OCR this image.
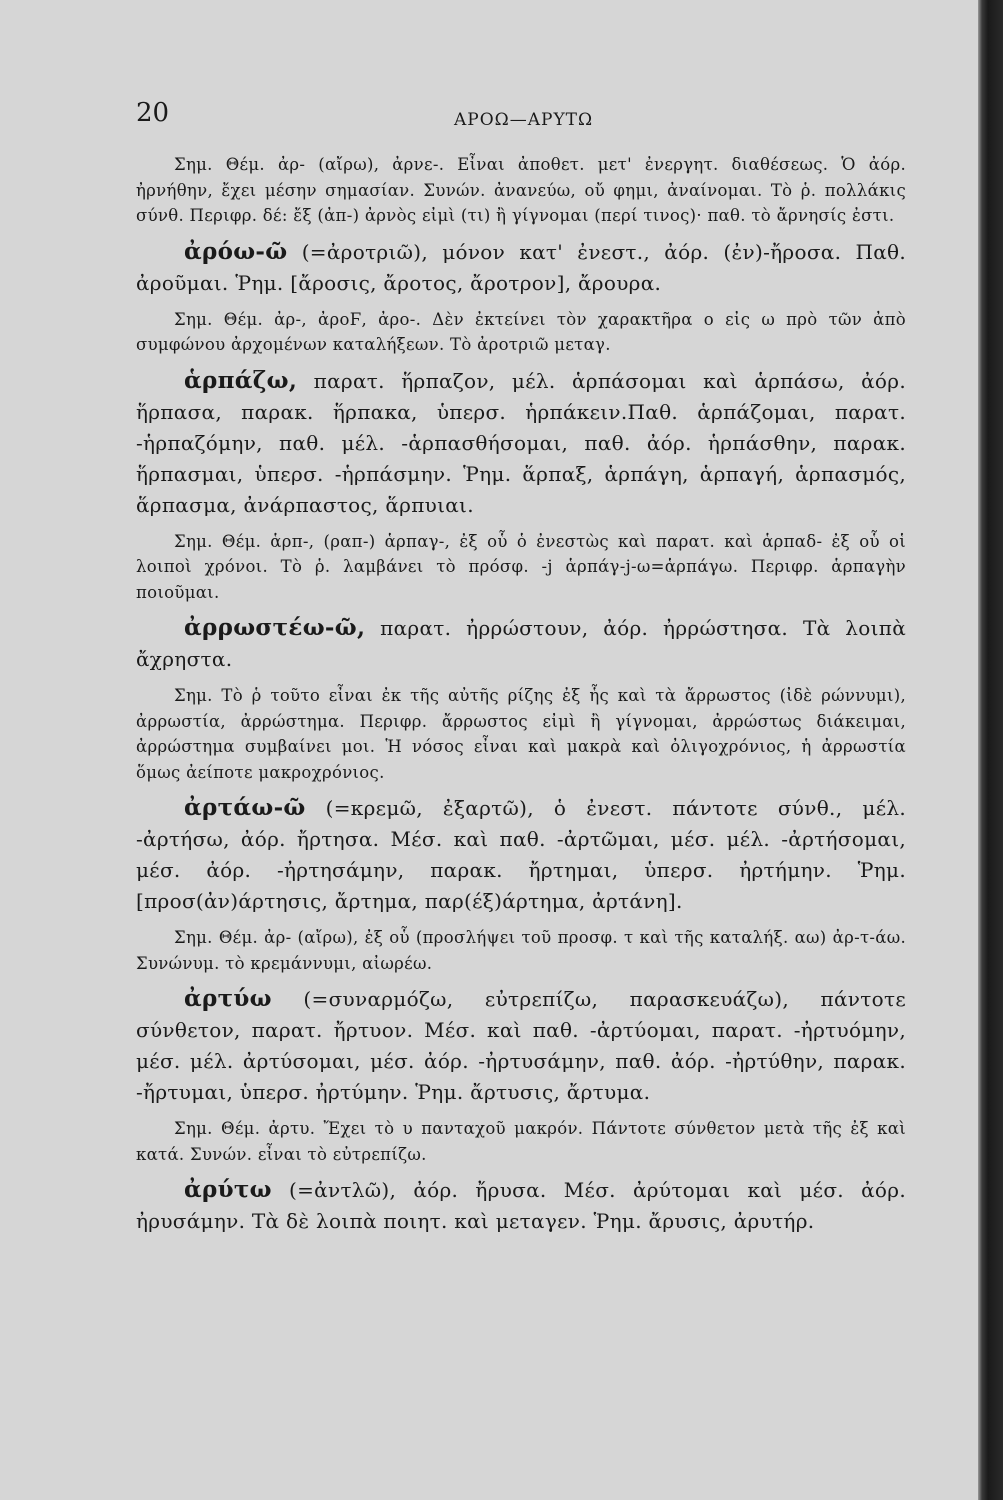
20	ΑΡΟΩ—ΑΡΥΤΩ

Σημ. Θέμ. ἀρ- (αἴρω), ἀρνε-. Εἶναι ἀποθετ. μετ' ἐνεργητ. διαθέσεως. Ὁ ἀόρ. ἠρνήθην, ἔχει μέσην σημασίαν. Συνών. ἀνανεύω, οὔ φημι, ἀναίνομαι. Τὸ ῥ. πολλάκις σύνθ. Περιφρ. δέ: ἔξ (ἀπ-) ἀρνὸς εἰμὶ (τι) ἢ γίγνομαι (περί τινος)· παθ. τὸ ἄρνησίς ἐστι.

ἀρόω-ῶ (=ἀροτριῶ), μόνον κατ' ἐνεστ., ἀόρ. (ἐν)-ἤροσα. Παθ. ἀροῦμαι. Ῥημ. [ἄροσις, ἄροτος, ἄροτρον], ἄρουρα.

Σημ. Θέμ. ἀρ-, ἀροϜ, ἀρο-. Δὲν ἐκτείνει τὸν χαρακτῆρα ο εἰς ω πρὸ τῶν ἀπὸ συμφώνου ἀρχομένων καταλήξεων. Τὸ ἀροτριῶ μεταγ.

ἁρπάζω, παρατ. ἥρπαζον, μέλ. ἁρπάσομαι καὶ ἁρπάσω, ἀόρ. ἥρπασα, παρακ. ἥρπακα, ὑπερσ. ἡρπάκειν.Παθ. ἁρπάζομαι, παρατ. -ἡρπαζόμην, παθ. μέλ. -ἁρπασθήσομαι, παθ. ἀόρ. ἡρπάσθην, παρακ. ἥρπασμαι, ὑπερσ. -ἡρπάσμην. Ῥημ. ἅρπαξ, ἁρπάγη, ἁρπαγή, ἁρπασμός, ἅρπασμα, ἀνάρπαστος, ἅρπυιαι.

Σημ. Θέμ. ἁρπ-, (ραπ-) ἁρπαγ-, ἐξ οὗ ὁ ἐνεστὼς καὶ παρατ. καὶ ἁρπαδ- ἐξ οὗ οἱ λοιποὶ χρόνοι. Τὸ ῥ. λαμβάνει τὸ πρόσφ. -j ἁρπάγ-j-ω=ἁρπάγω. Περιφρ. ἁρπαγὴν ποιοῦμαι.

ἀρρωστέω-ῶ, παρατ. ἠρρώστουν, ἀόρ. ἠρρώστησα. Τὰ λοιπὰ ἄχρηστα.

Σημ. Τὸ ῥ τοῦτο εἶναι ἐκ τῆς αὐτῆς ρίζης ἐξ ἧς καὶ τὰ ἄρρωστος (ἰδὲ ρώννυμι), ἀρρωστία, ἀρρώστημα. Περιφρ. ἄρρωστος εἰμὶ ἢ γίγνομαι, ἀρρώστως διάκειμαι, ἀρρώστημα συμβαίνει μοι. Ἡ νόσος εἶναι καὶ μακρὰ καὶ ὀλιγοχρόνιος, ἡ ἀρρωστία ὅμως ἀείποτε μακροχρόνιος.

ἀρτάω-ῶ (=κρεμῶ, ἐξαρτῶ), ὁ ἐνεστ. πάντοτε σύνθ., μέλ. -ἀρτήσω, ἀόρ. ἤρτησα. Μέσ. καὶ παθ. -ἀρτῶμαι, μέσ. μέλ. -ἀρτήσομαι, μέσ. ἀόρ. -ἠρτησάμην, παρακ. ἤρτημαι, ὑπερσ. ἠρτήμην. Ῥημ. [προσ(ἀν)άρτησις, ἄρτημα, παρ(έξ)άρτημα, ἀρτάνη].

Σημ. Θέμ. ἀρ- (αἴρω), ἐξ οὗ (προσλήψει τοῦ προσφ. τ καὶ τῆς καταλήξ. αω) ἀρ-τ-άω. Συνώνυμ. τὸ κρεμάννυμι, αἰωρέω.

ἀρτύω (=συναρμόζω, εὐτρεπίζω, παρασκευάζω), πάντοτε σύνθετον, παρατ. ἤρτυον. Μέσ. καὶ παθ. -ἀρτύομαι, παρατ. -ἠρτυόμην, μέσ. μέλ. ἀρτύσομαι, μέσ. ἀόρ. -ἠρτυσάμην, παθ. ἀόρ. -ἠρτύθην, παρακ. -ἤρτυμαι, ὑπερσ. ἠρτύμην. Ῥημ. ἄρτυσις, ἄρτυμα.

Σημ. Θέμ. ἀρτυ. Ἔχει τὸ υ πανταχοῦ μακρόν. Πάντοτε σύνθετον μετὰ τῆς ἐξ καὶ κατά. Συνών. εἶναι τὸ εὐτρεπίζω.

ἀρύτω (=ἀντλῶ), ἀόρ. ἤρυσα. Μέσ. ἀρύτομαι καὶ μέσ. ἀόρ. ἠρυσάμην. Τὰ δὲ λοιπὰ ποιητ. καὶ μεταγεν. Ῥημ. ἄρυσις, ἀρυτήρ.
